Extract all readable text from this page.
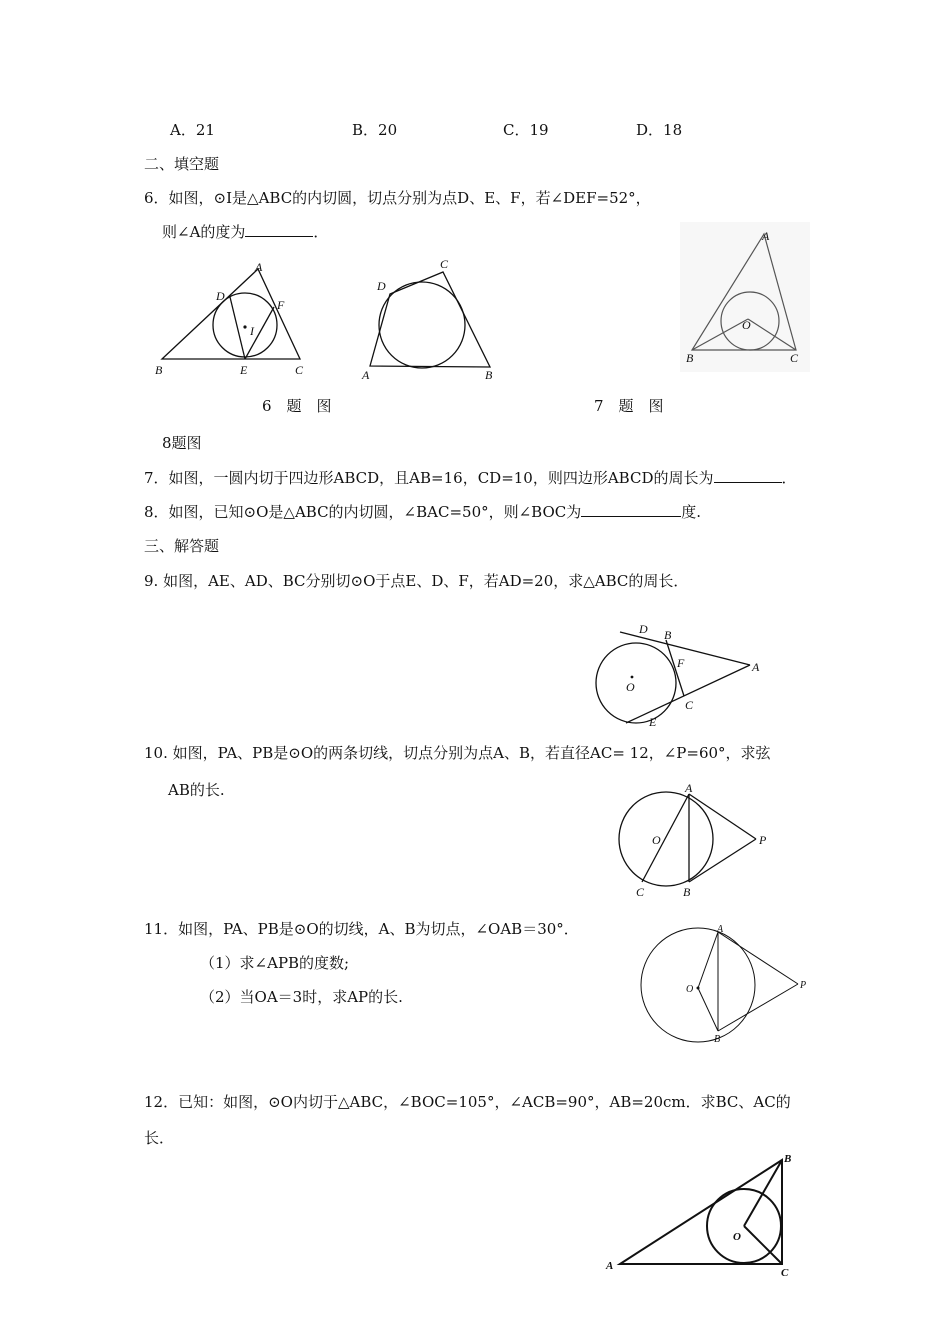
A．21	B．20	C．19	D．18
二、填空题
6．如图，⊙I是△ABC的内切圆，切点分别为点D、E、F，若∠DEF=52°，
则∠A的度为	．
A
D
F
I
B	E	C
C
D
A	B
A
O
B	C
6　题　图	7　题　图
8题图
7．如图，一圆内切于四边形ABCD，且AB=16，CD=10，则四边形ABCD的周长为	．
8．如图，已知⊙O是△ABC的内切圆，∠BAC=50°，则∠BOC为	度.
三、解答题
9. 如图，AE、AD、BC分别切⊙O于点E、D、F，若AD=20，求△ABC的周长．
D B
F
O
A
C
E
10. 如图，PA、PB是⊙O的两条切线，切点分别为点A、B，若直径AC= 12，∠P=60°，求弦
AB的长.	A
O	P
C	B
11．如图，PA、PB是⊙O的切线，A、B为切点，∠OAB＝30°．
（1）求∠APB的度数;
（2）当OA＝3时，求AP的长.
A
O	P
B
12．已知：如图，⊙O内切于△ABC，∠BOC=105°，∠ACB=90°，AB=20cm．求BC、AC的
长．
B
O
A
C
